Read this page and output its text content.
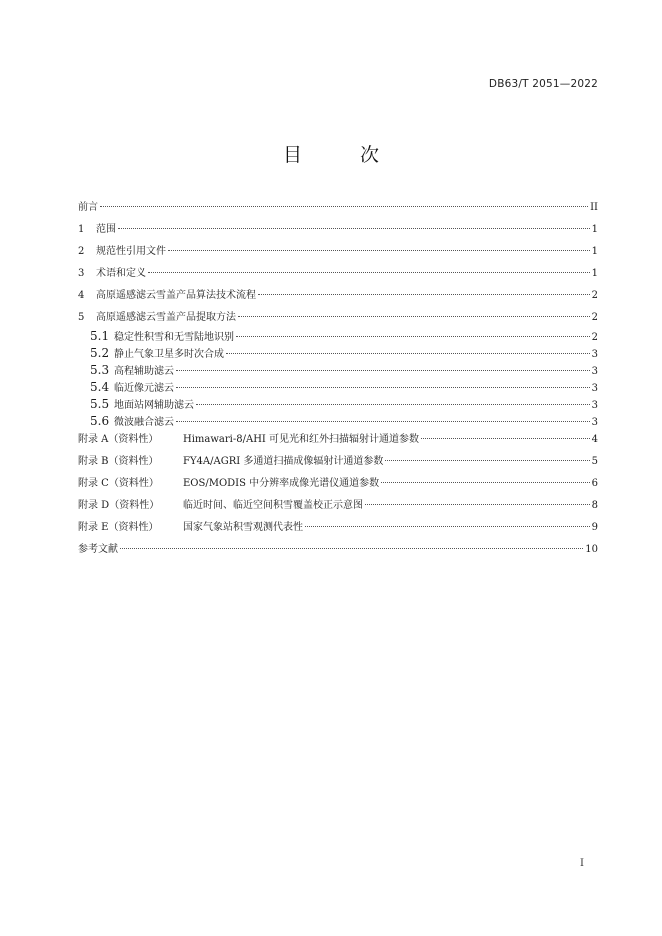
DB63/T 2051—2022
目 次
前言	II
1	范围	1
2	规范性引用文件	1
3	术语和定义	1
4	高原遥感滤云雪盖产品算法技术流程	2
5	高原遥感滤云雪盖产品提取方法	2
5.1 稳定性积雪和无雪陆地识别	2
5.2 静止气象卫星多时次合成	3
5.3 高程辅助滤云	3
5.4 临近像元滤云	3
5.5 地面站网辅助滤云	3
5.6 微波融合滤云	3
附录 A（资料性）	Himawari-8/AHI 可见光和红外扫描辐射计通道参数	4
附录 B（资料性）	FY4A/AGRI 多通道扫描成像辐射计通道参数	5
附录 C（资料性）	EOS/MODIS 中分辨率成像光谱仪通道参数	6
附录 D（资料性）	临近时间、临近空间积雪覆盖校正示意图	8
附录 E（资料性）	国家气象站积雪观测代表性	9
参考文献	10
I
